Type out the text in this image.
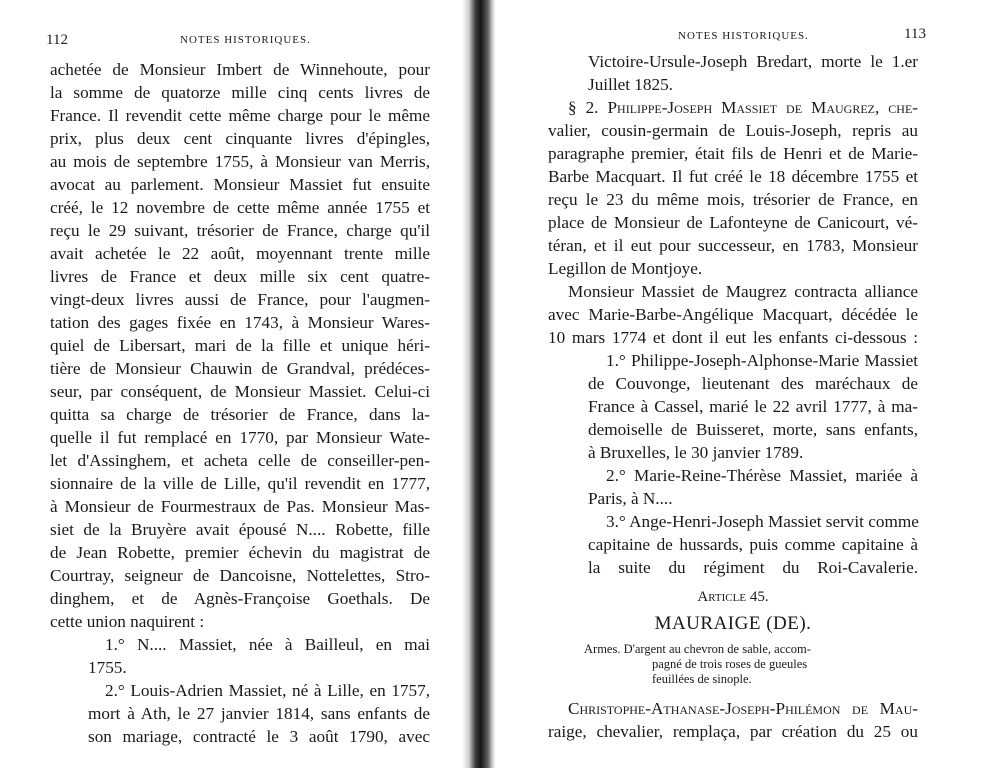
112	NOTES HISTORIQUES.
achetée de Monsieur Imbert de Winnehoute, pour
la somme de quatorze mille cinq cents livres de
France. Il revendit cette même charge pour le même
prix, plus deux cent cinquante livres d'épingles,
au mois de septembre 1755, à Monsieur van Merris,
avocat au parlement. Monsieur Massiet fut ensuite
créé, le 12 novembre de cette même année 1755 et
reçu le 29 suivant, trésorier de France, charge qu'il
avait achetée le 22 août, moyennant trente mille
livres de France et deux mille six cent quatre-
vingt-deux livres aussi de France, pour l'augmen-
tation des gages fixée en 1743, à Monsieur Wares-
quiel de Libersart, mari de la fille et unique héri-
tière de Monsieur Chauwin de Grandval, prédéces-
seur, par conséquent, de Monsieur Massiet. Celui-ci
quitta sa charge de trésorier de France, dans la-
quelle il fut remplacé en 1770, par Monsieur Wate-
let d'Assinghem, et acheta celle de conseiller-pen-
sionnaire de la ville de Lille, qu'il revendit en 1777,
à Monsieur de Fourmestraux de Pas. Monsieur Mas-
siet de la Bruyère avait épousé N.... Robette, fille
de Jean Robette, premier échevin du magistrat de
Courtray, seigneur de Dancoisne, Nottelettes, Stro-
dinghem, et de Agnès-Françoise Goethals. De
cette union naquirent :
1.° N.... Massiet, née à Bailleul, en mai
1755.
2.° Louis-Adrien Massiet, né à Lille, en 1757,
mort à Ath, le 27 janvier 1814, sans enfants de
son mariage, contracté le 3 août 1790, avec
NOTES HISTORIQUES.	113
Victoire-Ursule-Joseph Bredart, morte le 1.er
Juillet 1825.
§ 2. Philippe-Joseph Massiet de Maugrez, che-
valier, cousin-germain de Louis-Joseph, repris au
paragraphe premier, était fils de Henri et de Marie-
Barbe Macquart. Il fut créé le 18 décembre 1755 et
reçu le 23 du même mois, trésorier de France, en
place de Monsieur de Lafonteyne de Canicourt, vé-
téran, et il eut pour successeur, en 1783, Monsieur
Legillon de Montjoye.
Monsieur Massiet de Maugrez contracta alliance
avec Marie-Barbe-Angélique Macquart, décédée le
10 mars 1774 et dont il eut les enfants ci-dessous :
1.° Philippe-Joseph-Alphonse-Marie Massiet
de Couvonge, lieutenant des maréchaux de
France à Cassel, marié le 22 avril 1777, à ma-
demoiselle de Buisseret, morte, sans enfants,
à Bruxelles, le 30 janvier 1789.
2.° Marie-Reine-Thérèse Massiet, mariée à
Paris, à N....
3.° Ange-Henri-Joseph Massiet servit comme
capitaine de hussards, puis comme capitaine à
la suite du régiment du Roi-Cavalerie.
Article 45.
MAURAIGE (DE).
Armes. D'argent au chevron de sable, accom-
pagné de trois roses de gueules
feuillées de sinople.
Christophe-Athanase-Joseph-Philémon de Mau-
raige, chevalier, remplaça, par création du 25 ou
